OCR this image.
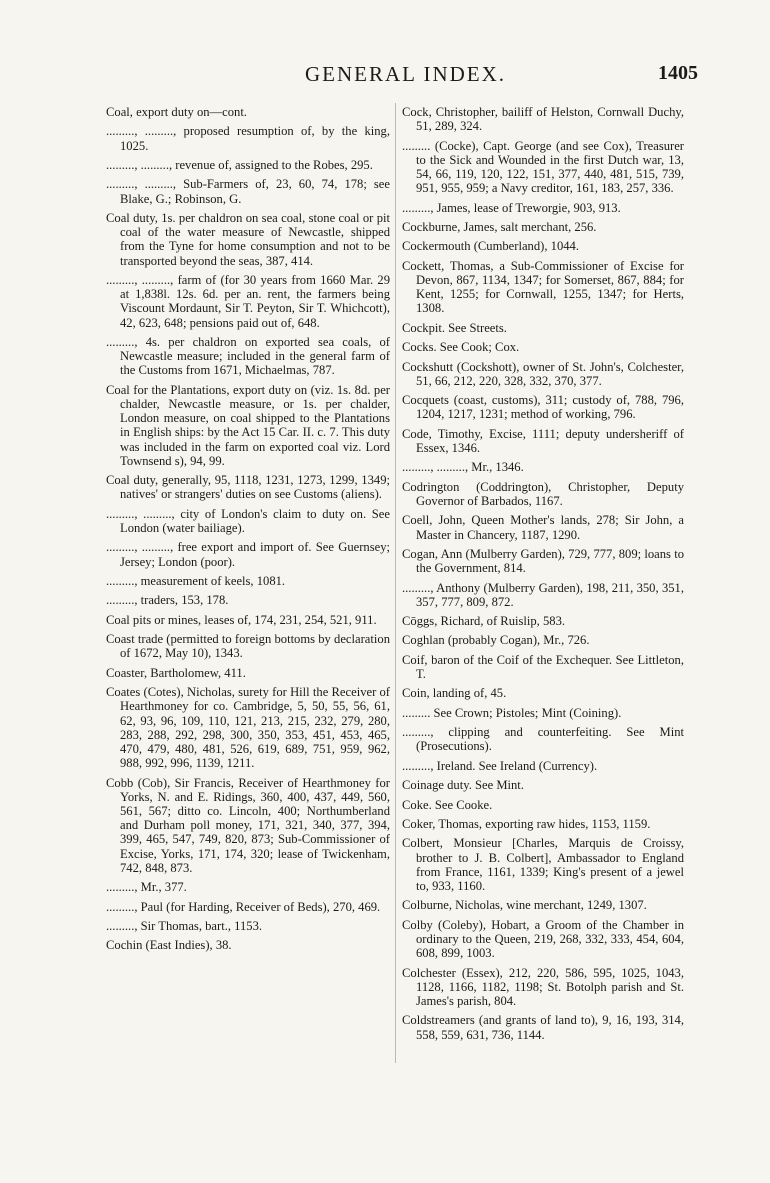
GENERAL INDEX.	1405

Coal, export duty on—cont.

........., ........., proposed resumption of, by the king, 1025.

........., ........., revenue of, assigned to the Robes, 295.

........., ........., Sub-Farmers of, 23, 60, 74, 178; see Blake, G.; Robinson, G.

Coal duty, 1s. per chaldron on sea coal, stone coal or pit coal of the water measure of Newcastle, shipped from the Tyne for home consumption and not to be transported beyond the seas, 387, 414.

........., ........., farm of (for 30 years from 1660 Mar. 29 at 1,838l. 12s. 6d. per an. rent, the farmers being Viscount Mordaunt, Sir T. Peyton, Sir T. Whichcott), 42, 623, 648; pensions paid out of, 648.

........., 4s. per chaldron on exported sea coals, of Newcastle measure; included in the general farm of the Customs from 1671, Michaelmas, 787.

Coal for the Plantations, export duty on (viz. 1s. 8d. per chalder, Newcastle measure, or 1s. per chalder, London measure, on coal shipped to the Plantations in English ships: by the Act 15 Car. II. c. 7. This duty was included in the farm on exported coal viz. Lord Townsend s), 94, 99.

Coal duty, generally, 95, 1118, 1231, 1273, 1299, 1349; natives' or strangers' duties on see Customs (aliens).

........., ........., city of London's claim to duty on. See London (water bailiage).

........., ........., free export and import of. See Guernsey; Jersey; London (poor).

........., measurement of keels, 1081.

........., traders, 153, 178.

Coal pits or mines, leases of, 174, 231, 254, 521, 911.

Coast trade (permitted to foreign bottoms by declaration of 1672, May 10), 1343.

Coaster, Bartholomew, 411.

Coates (Cotes), Nicholas, surety for Hill the Receiver of Hearthmoney for co. Cambridge, 5, 50, 55, 56, 61, 62, 93, 96, 109, 110, 121, 213, 215, 232, 279, 280, 283, 288, 292, 298, 300, 350, 353, 451, 453, 465, 470, 479, 480, 481, 526, 619, 689, 751, 959, 962, 988, 992, 996, 1139, 1211.

Cobb (Cob), Sir Francis, Receiver of Hearthmoney for Yorks, N. and E. Ridings, 360, 400, 437, 449, 560, 561, 567; ditto co. Lincoln, 400; Northumberland and Durham poll money, 171, 321, 340, 377, 394, 399, 465, 547, 749, 820, 873; Sub-Commissioner of Excise, Yorks, 171, 174, 320; lease of Twickenham, 742, 848, 873.

........., Mr., 377.

........., Paul (for Harding, Receiver of Beds), 270, 469.

........., Sir Thomas, bart., 1153.

Cochin (East Indies), 38.

Cock, Christopher, bailiff of Helston, Cornwall Duchy, 51, 289, 324.

......... (Cocke), Capt. George (and see Cox), Treasurer to the Sick and Wounded in the first Dutch war, 13, 54, 66, 119, 120, 122, 151, 377, 440, 481, 515, 739, 951, 955, 959; a Navy creditor, 161, 183, 257, 336.

........., James, lease of Treworgie, 903, 913.

Cockburne, James, salt merchant, 256.

Cockermouth (Cumberland), 1044.

Cockett, Thomas, a Sub-Commissioner of Excise for Devon, 867, 1134, 1347; for Somerset, 867, 884; for Kent, 1255; for Cornwall, 1255, 1347; for Herts, 1308.

Cockpit. See Streets.

Cocks. See Cook; Cox.

Cockshutt (Cockshott), owner of St. John's, Colchester, 51, 66, 212, 220, 328, 332, 370, 377.

Cocquets (coast, customs), 311; custody of, 788, 796, 1204, 1217, 1231; method of working, 796.

Code, Timothy, Excise, 1111; deputy undersheriff of Essex, 1346.

........., ........., Mr., 1346.

Codrington (Coddrington), Christopher, Deputy Governor of Barbados, 1167.

Coell, John, Queen Mother's lands, 278; Sir John, a Master in Chancery, 1187, 1290.

Cogan, Ann (Mulberry Garden), 729, 777, 809; loans to the Government, 814.

........., Anthony (Mulberry Garden), 198, 211, 350, 351, 357, 777, 809, 872.

Cōggs, Richard, of Ruislip, 583.

Coghlan (probably Cogan), Mr., 726.

Coif, baron of the Coif of the Exchequer. See Littleton, T.

Coin, landing of, 45.

......... See Crown; Pistoles; Mint (Coining).

........., clipping and counterfeiting. See Mint (Prosecutions).

........., Ireland. See Ireland (Currency).

Coinage duty. See Mint.

Coke. See Cooke.

Coker, Thomas, exporting raw hides, 1153, 1159.

Colbert, Monsieur [Charles, Marquis de Croissy, brother to J. B. Colbert], Ambassador to England from France, 1161, 1339; King's present of a jewel to, 933, 1160.

Colburne, Nicholas, wine merchant, 1249, 1307.

Colby (Coleby), Hobart, a Groom of the Chamber in ordinary to the Queen, 219, 268, 332, 333, 454, 604, 608, 899, 1003.

Colchester (Essex), 212, 220, 586, 595, 1025, 1043, 1128, 1166, 1182, 1198; St. Botolph parish and St. James's parish, 804.

Coldstreamers (and grants of land to), 9, 16, 193, 314, 558, 559, 631, 736, 1144.
